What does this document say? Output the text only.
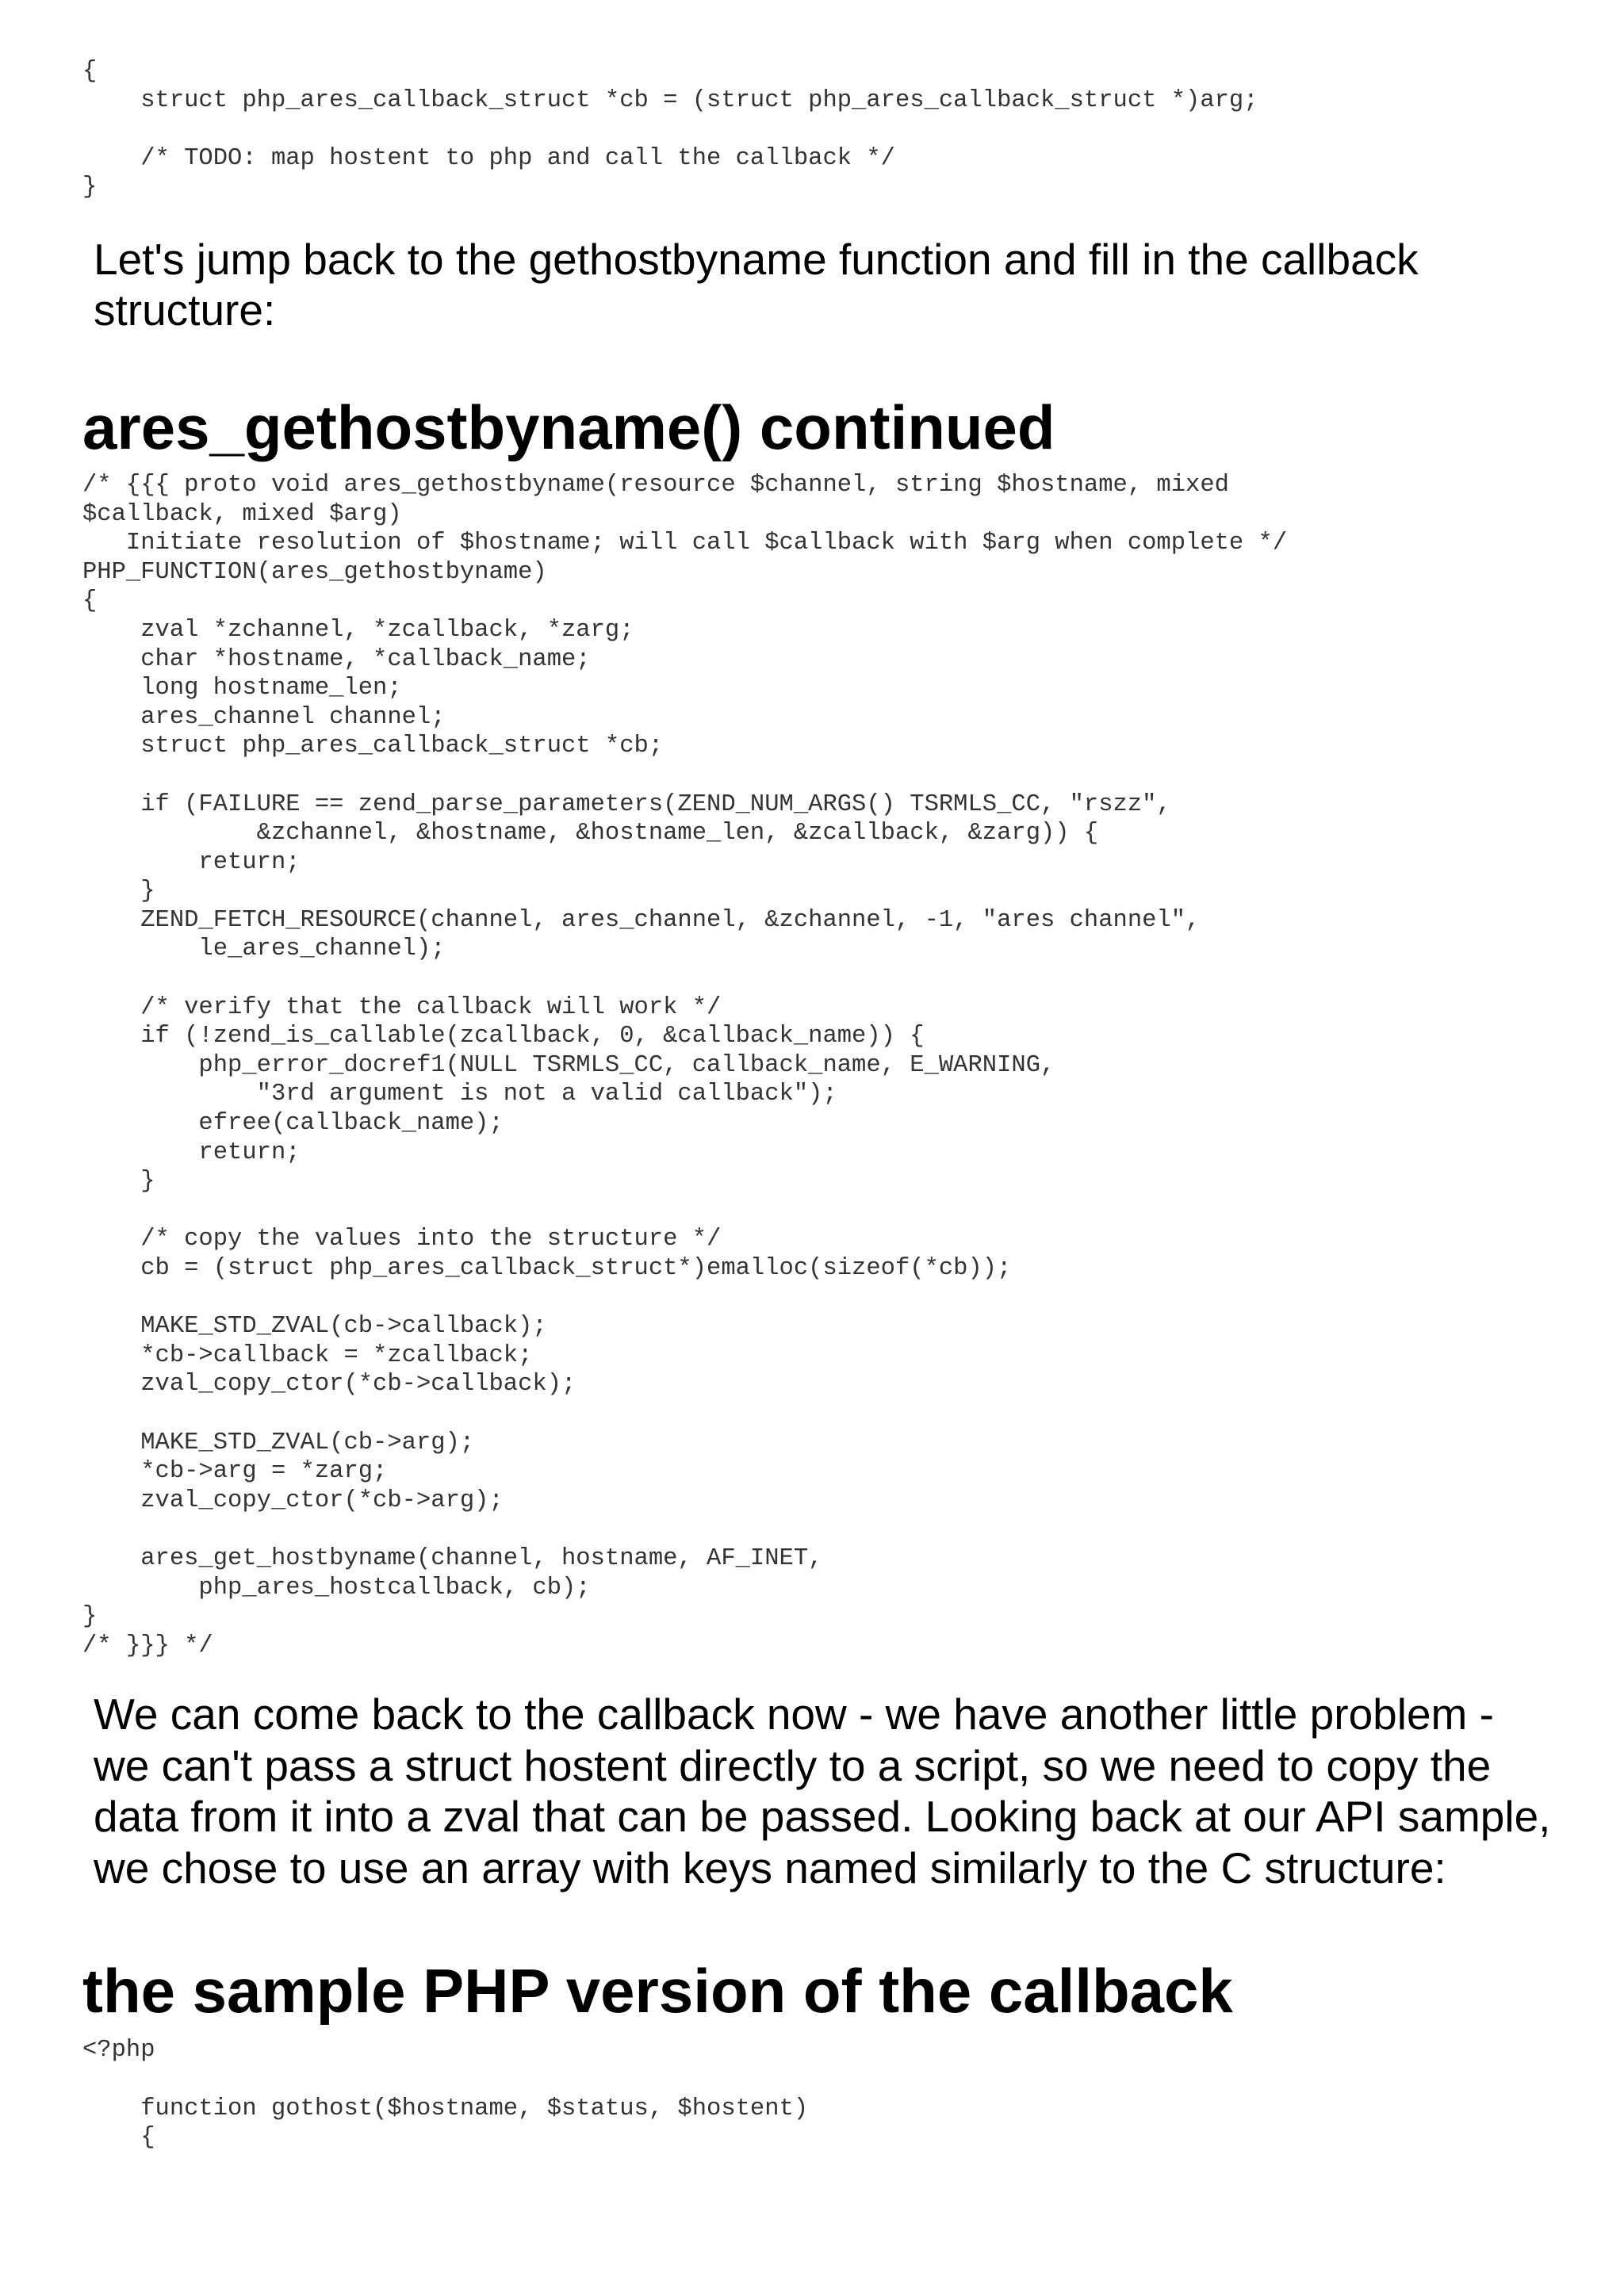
{
struct php_ares_callback_struct *cb = (struct php_ares_callback_struct *)arg;

/* TODO: map hostent to php and call the callback */
}

Let's jump back to the gethostbyname function and fill in the callback structure:

ares_gethostbyname() continued
/* {{{ proto void ares_gethostbyname(resource $channel, string $hostname, mixed
$callback, mixed $arg)
Initiate resolution of $hostname; will call $callback with $arg when complete */
PHP_FUNCTION(ares_gethostbyname)
{
zval *zchannel, *zcallback, *zarg;
char *hostname, *callback_name;
long hostname_len;
ares_channel channel;
struct php_ares_callback_struct *cb;

if (FAILURE == zend_parse_parameters(ZEND_NUM_ARGS() TSRMLS_CC, "rszz",
&zchannel, &hostname, &hostname_len, &zcallback, &zarg)) {
return;
}
ZEND_FETCH_RESOURCE(channel, ares_channel, &zchannel, -1, "ares channel",
le_ares_channel);

/* verify that the callback will work */
if (!zend_is_callable(zcallback, 0, &callback_name)) {
php_error_docref1(NULL TSRMLS_CC, callback_name, E_WARNING,
"3rd argument is not a valid callback");
efree(callback_name);
return;
}

/* copy the values into the structure */
cb = (struct php_ares_callback_struct*)emalloc(sizeof(*cb));

MAKE_STD_ZVAL(cb->callback);
*cb->callback = *zcallback;
zval_copy_ctor(*cb->callback);

MAKE_STD_ZVAL(cb->arg);
*cb->arg = *zarg;
zval_copy_ctor(*cb->arg);

ares_get_hostbyname(channel, hostname, AF_INET,
php_ares_hostcallback, cb);
}
/* }}} */

We can come back to the callback now - we have another little problem - we can't pass a struct hostent directly to a script, so we need to copy the data from it into a zval that can be passed. Looking back at our API sample, we chose to use an array with keys named similarly to the C structure:

the sample PHP version of the callback
<?php

function gothost($hostname, $status, $hostent)
{
